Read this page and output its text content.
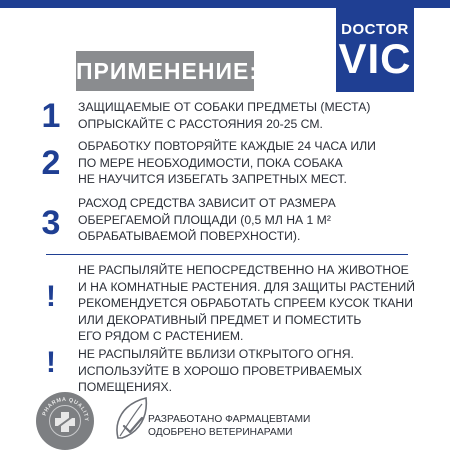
DOCTOR
VIC
ПРИМЕНЕНИЕ:
1	ЗАЩИЩАЕМЫЕ ОТ СОБАКИ ПРЕДМЕТЫ (МЕСТА)
ОПРЫСКАЙТЕ С РАССТОЯНИЯ 20-25 СМ.
2	ОБРАБОТКУ ПОВТОРЯЙТЕ КАЖДЫЕ 24 ЧАСА ИЛИ
ПО МЕРЕ НЕОБХОДИМОСТИ, ПОКА СОБАКА
НЕ НАУЧИТСЯ ИЗБЕГАТЬ ЗАПРЕТНЫХ МЕСТ.
3
РАСХОД СРЕДСТВА ЗАВИСИТ ОТ РАЗМЕРА
ОБЕРЕГАЕМОЙ ПЛОЩАДИ (0,5 МЛ НА 1 М²
ОБРАБАТЫВАЕМОЙ ПОВЕРХНОСТИ).
!
НЕ РАСПЫЛЯЙТЕ НЕПОСРЕДСТВЕННО НА ЖИВОТНОЕ
И НА КОМНАТНЫЕ РАСТЕНИЯ. ДЛЯ ЗАЩИТЫ РАСТЕНИЙ
РЕКОМЕНДУЕТСЯ ОБРАБОТАТЬ СПРЕЕМ КУСОК ТКАНИ
ИЛИ ДЕКОРАТИВНЫЙ ПРЕДМЕТ И ПОМЕСТИТЬ
ЕГО РЯДОМ С РАСТЕНИЕМ.
!	НЕ РАСПЫЛЯЙТЕ ВБЛИЗИ ОТКРЫТОГО ОГНЯ.
ИСПОЛЬЗУЙТЕ В ХОРОШО ПРОВЕТРИВАЕМЫХ
ПОМЕЩЕНИЯХ.
PHARMA QUALITY	РАЗРАБОТАНО ФАРМАЦЕВТАМИ
ОДОБРЕНО ВЕТЕРИНАРАМИ
